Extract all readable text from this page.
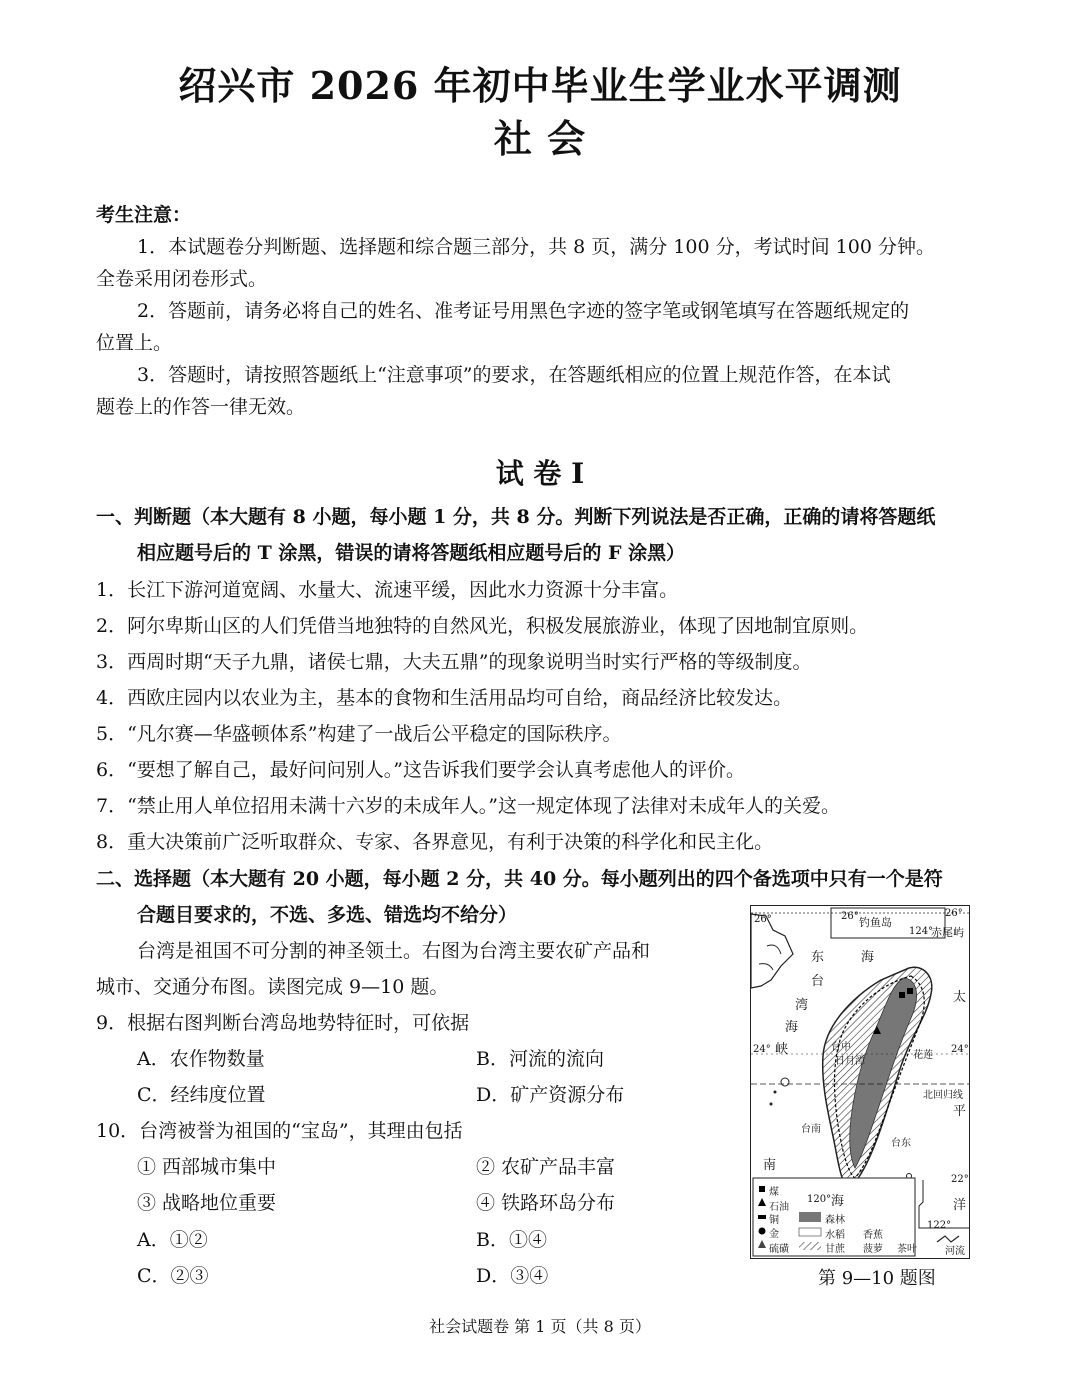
绍兴市 2026 年初中毕业生学业水平调测
社 会
考生注意：
1．本试题卷分判断题、选择题和综合题三部分，共 8 页，满分 100 分，考试时间 100 分钟。
全卷采用闭卷形式。
2．答题前，请务必将自己的姓名、准考证号用黑色字迹的签字笔或钢笔填写在答题纸规定的
位置上。
3．答题时，请按照答题纸上“注意事项”的要求，在答题纸相应的位置上规范作答，在本试
题卷上的作答一律无效。
试 卷 I
一、判断题（本大题有 8 小题，每小题 1 分，共 8 分。判断下列说法是否正确，正确的请将答题纸
相应题号后的 T 涂黑，错误的请将答题纸相应题号后的 F 涂黑）
1．长江下游河道宽阔、水量大、流速平缓，因此水力资源十分丰富。
2．阿尔卑斯山区的人们凭借当地独特的自然风光，积极发展旅游业，体现了因地制宜原则。
3．西周时期“天子九鼎，诸侯七鼎，大夫五鼎”的现象说明当时实行严格的等级制度。
4．西欧庄园内以农业为主，基本的食物和生活用品均可自给，商品经济比较发达。
5．“凡尔赛—华盛顿体系”构建了一战后公平稳定的国际秩序。
6．“要想了解自己，最好问问别人。”这告诉我们要学会认真考虑他人的评价。
7．“禁止用人单位招用未满十六岁的未成年人。”这一规定体现了法律对未成年人的关爱。
8．重大决策前广泛听取群众、专家、各界意见，有利于决策的科学化和民主化。
二、选择题（本大题有 20 小题，每小题 2 分，共 40 分。每小题列出的四个备选项中只有一个是符
合题目要求的，不选、多选、错选均不给分）
台湾是祖国不可分割的神圣领土。右图为台湾主要农矿产品和
城市、交通分布图。读图完成 9—10 题。
9．根据右图判断台湾岛地势特征时，可依据
A．农作物数量	B．河流的流向
C．经纬度位置	D．矿产资源分布
10．台湾被誉为祖国的“宝岛”，其理由包括
① 西部城市集中	② 农矿产品丰富
③ 战略地位重要	④ 铁路环岛分布
A．①②	B．①④
C．②③	D．③④
26°	26°	26°
124°
钓鱼岛
赤尾屿
东	海
台
湾
海
峡
24°	24°
台中
日月潭
花莲
北回归线
太
平
洋
台南
台东
南
海
22°
120°
122°
煤
石油
铜
金
硫磺
森林
水稻
甘蔗
香蕉
菠萝 茶叶	河流
第 9—10 题图
社会试题卷 第 1 页（共 8 页）
